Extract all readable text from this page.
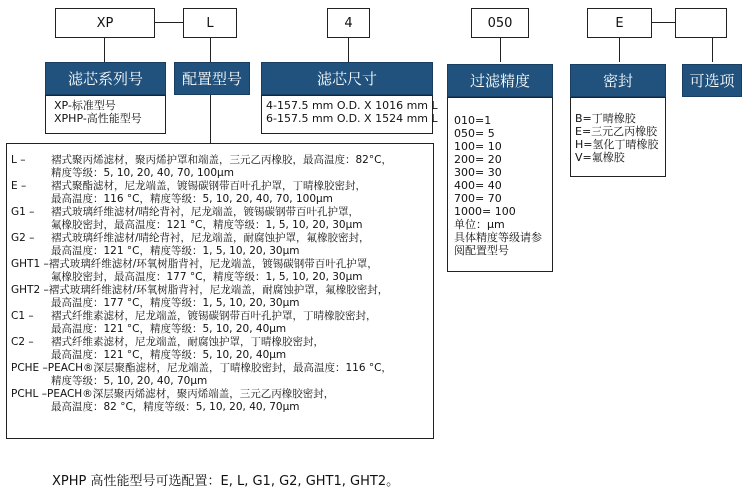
XP	L	4	050	E
滤芯系列号	配置型号	滤芯尺寸	过滤精度	密封	可选项
XP-标准型号
XPHP-高性能型号
4-157.5 mm O.D. X 1016 mm L
6-157.5 mm O.D. X 1524 mm L 010=1
050= 5
100= 10
200= 20
300= 30
400= 40
700= 70
1000= 100
单位：μm
具体精度等级请参
阅配置型号
B=丁晴橡胶
E=三元乙丙橡胶
H=氢化丁晴橡胶
V=氟橡胶
L –	褶式聚丙烯滤材，聚丙烯护罩和端盖，三元乙丙橡胶，最高温度：82°C，
精度等级：5, 10, 20, 40, 70, 100μm
E –	褶式聚酯滤材，尼龙端盖，镀锡碳钢带百叶孔护罩，丁晴橡胶密封，
最高温度：116 °C，精度等级：5, 10, 20, 40, 70, 100μm
G1 –	褶式玻璃纤维滤材/晴纶背衬，尼龙端盖，镀锡碳钢带百叶孔护罩，
氟橡胶密封，最高温度：121 °C，精度等级：1, 5, 10, 20, 30μm
G2 –	褶式玻璃纤维滤材/晴纶背衬，尼龙端盖，耐腐蚀护罩，氟橡胶密封，
最高温度：121 °C，精度等级：1, 5, 10, 20, 30μm
GHT1 – 褶式玻璃纤维滤材/环氧树脂背衬，尼龙端盖，镀锡碳钢带百叶孔护罩，
氟橡胶密封，最高温度：177 °C，精度等级：1, 5, 10, 20, 30μm
GHT2 – 褶式玻璃纤维滤材/环氧树脂背衬，尼龙端盖，耐腐蚀护罩，氟橡胶密封，
最高温度：177 °C，精度等级：1, 5, 10, 20, 30μm
C1 –	褶式纤维素滤材，尼龙端盖，镀锡碳钢带百叶孔护罩，丁晴橡胶密封，
最高温度：121 °C，精度等级：5, 10, 20, 40μm
C2 –	褶式纤维素滤材，尼龙端盖，耐腐蚀护罩，丁晴橡胶密封，
最高温度：121 °C，精度等级：5, 10, 20, 40μm
PCHE – PEACH®深层聚酯滤材，尼龙端盖，丁晴橡胶密封，最高温度：116 °C，
精度等级：5, 10, 20, 40, 70μm
PCHL – PEACH®深层聚丙烯滤材，聚丙烯端盖，三元乙丙橡胶密封，
最高温度：82 °C，精度等级：5, 10, 20, 40, 70μm
XPHP 高性能型号可选配置：E, L, G1, G2, GHT1, GHT2。
